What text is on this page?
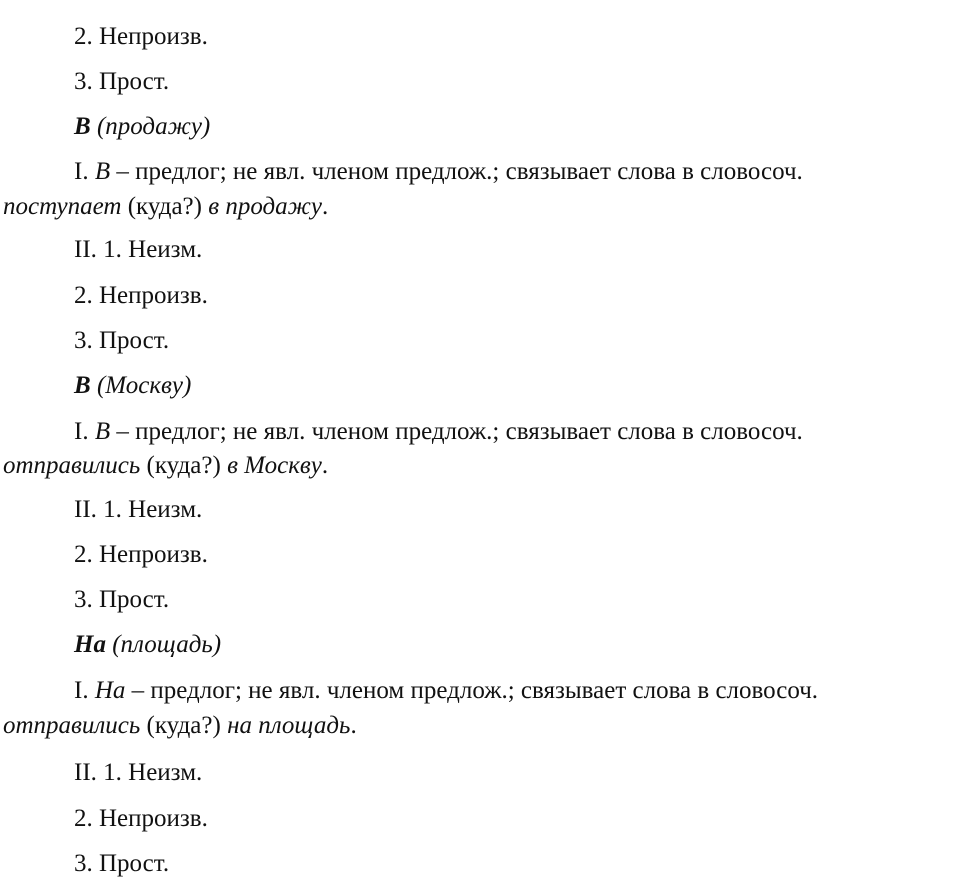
2. Непроизв.
3. Прост.
В (продажу)
I. В – предлог; не явл. членом предлож.; связывает слова в словосоч.
поступает (куда?) в продажу.
II. 1. Неизм.
2. Непроизв.
3. Прост.
В (Москву)
I. В – предлог; не явл. членом предлож.; связывает слова в словосоч.
отправились (куда?) в Москву.
II. 1. Неизм.
2. Непроизв.
3. Прост.
На (площадь)
I. На – предлог; не явл. членом предлож.; связывает слова в словосоч.
отправились (куда?) на площадь.
II. 1. Неизм.
2. Непроизв.
3. Прост.
